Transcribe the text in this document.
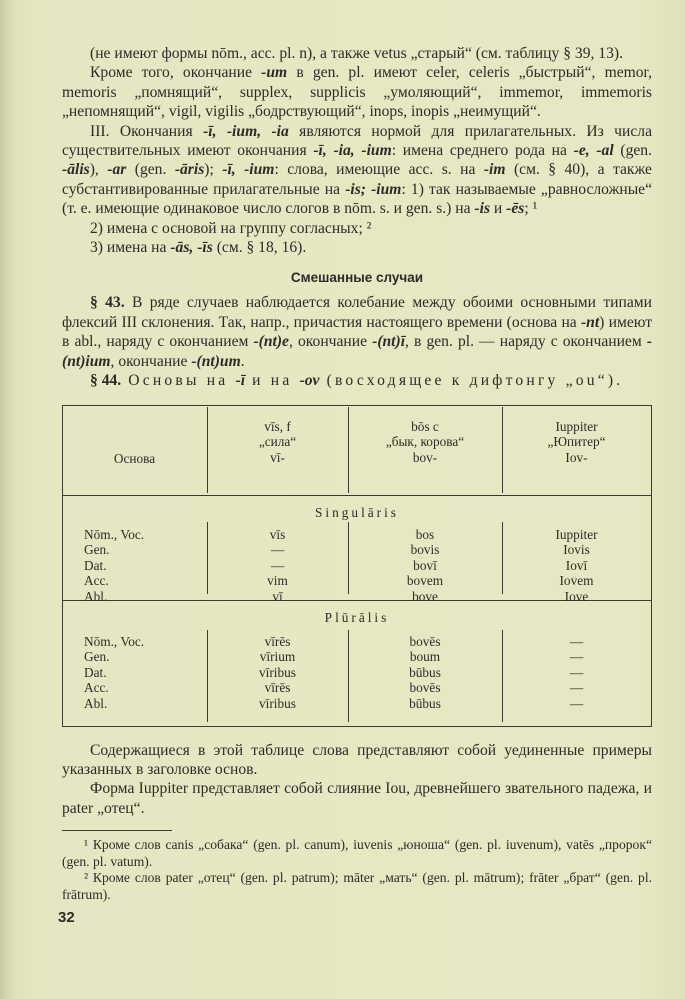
(не имеют формы nōm., acc. pl. n), а также vetus „старый“ (см. таблицу § 39, 13).

Кроме того, окончание -um в gen. pl. имеют celer, celeris „быстрый“, memor, memoris „помнящий“, supplex, supplicis „умоляющий“, immemor, immemoris „непомнящий“, vigil, vigilis „бодрствующий“, inops, inopis „неимущий“.

III. Окончания -ī, -ium, -ia являются нормой для прилагательных. Из числа существительных имеют окончания -ī, -ia, -ium: имена среднего рода на -e, -al (gen. -ālis), -ar (gen. -āris); -ī, -ium: слова, имеющие acc. s. на -im (см. § 40), а также субстантивированные прилагательные на -is; -ium: 1) так называемые „равносложные“ (т. е. имеющие одинаковое число слогов в nōm. s. и gen. s.) на -is и -ēs; ¹

2) имена с основой на группу согласных; ²

3) имена на -ās, -īs (см. § 18, 16).

Смешанные случаи

§ 43. В ряде случаев наблюдается колебание между обоими основными типами флексий III склонения. Так, напр., причастия настоящего времени (основа на -nt) имеют в abl., наряду с окончанием -(nt)e, окончание -(nt)ī, в gen. pl. — наряду с окончанием -(nt)ium, окончание -(nt)um.

§ 44. Основы на -ī и на -ov (восходящее к дифтонгу „ou“).

Основа
vīs, f
„сила“
vī-
bōs c
„бык, корова“
bov-
Iuppiter
„Юпитер“
Iov-
Singulāris
Nōm., Voc.
Gen.
Dat.
Acc.
Abl.
vīs
—
—
vim
vī
bos
bovis
bovī
bovem
bove
Iuppiter
Iovis
Iovī
Iovem
Iove
Plūrālis
Nōm., Voc.
Gen.
Dat.
Acc.
Abl.
vīrēs
vīrium
vīribus
vīrēs
vīribus
bovēs
boum
būbus
bovēs
būbus
—
—
—
—
—

Содержащиеся в этой таблице слова представляют собой уединенные примеры указанных в заголовке основ.

Форма Iuppiter представляет собой слияние Iou, древнейшего звательного падежа, и pater „отец“.

¹ Кроме слов canis „собака“ (gen. pl. canum), iuvenis „юноша“ (gen. pl. iuvenum), vatēs „пророк“ (gen. pl. vatum).

² Кроме слов pater „отец“ (gen. pl. patrum); māter „мать“ (gen. pl. mātrum); frāter „брат“ (gen. pl. frātrum).

32
